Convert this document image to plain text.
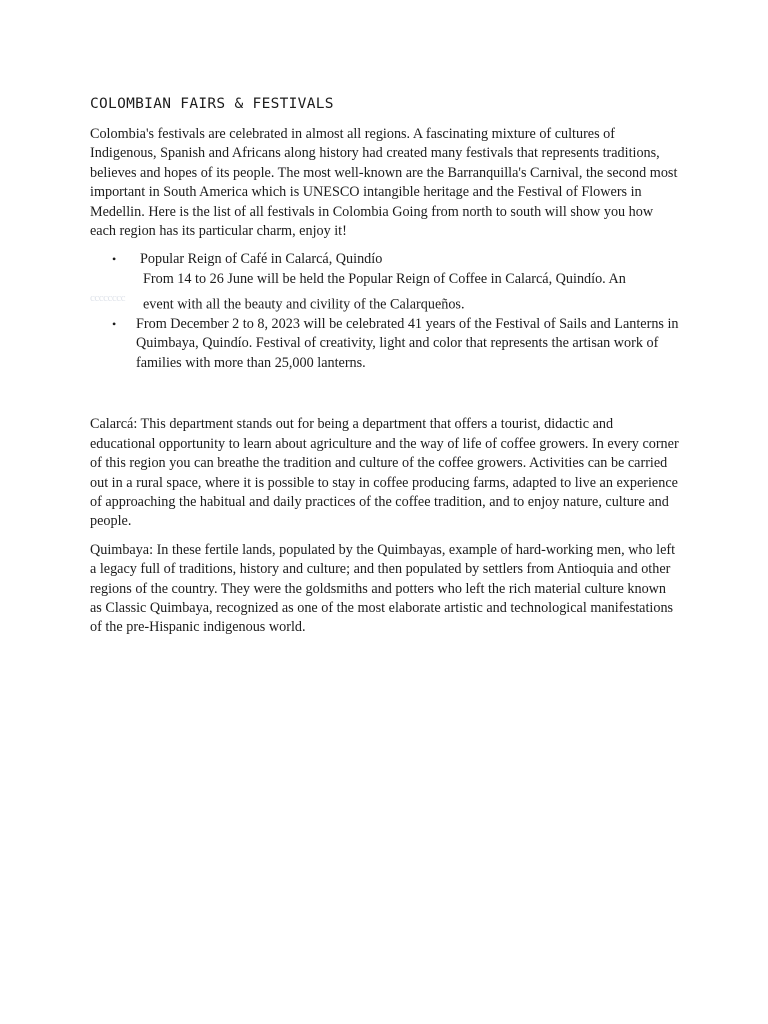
COLOMBIAN FAIRS & FESTIVALS

Colombia's festivals are celebrated in almost all regions. A fascinating mixture of cultures of Indigenous, Spanish and Africans along history had created many festivals that represents traditions, believes and hopes of its people. The most well-known are the Barranquilla's Carnival, the second most important in South America which is UNESCO intangible heritage and the Festival of Flowers in Medellin. Here is the list of all festivals in Colombia Going from north to south will show you how each region has its particular charm, enjoy it!

• Popular Reign of Café in Calarcá, Quindío
From 14 to 26 June will be held the Popular Reign of Coffee in Calarcá, Quindío. An
cccccccc event with all the beauty and civility of the Calarqueños.
• From December 2 to 8, 2023 will be celebrated 41 years of the Festival of Sails and Lanterns in Quimbaya, Quindío. Festival of creativity, light and color that represents the artisan work of families with more than 25,000 lanterns.

Calarcá: This department stands out for being a department that offers a tourist, didactic and educational opportunity to learn about agriculture and the way of life of coffee growers. In every corner of this region you can breathe the tradition and culture of the coffee growers. Activities can be carried out in a rural space, where it is possible to stay in coffee producing farms, adapted to live an experience of approaching the habitual and daily practices of the coffee tradition, and to enjoy nature, culture and people.

Quimbaya: In these fertile lands, populated by the Quimbayas, example of hard-working men, who left a legacy full of traditions, history and culture; and then populated by settlers from Antioquia and other regions of the country. They were the goldsmiths and potters who left the rich material culture known as Classic Quimbaya, recognized as one of the most elaborate artistic and technological manifestations of the pre-Hispanic indigenous world.
